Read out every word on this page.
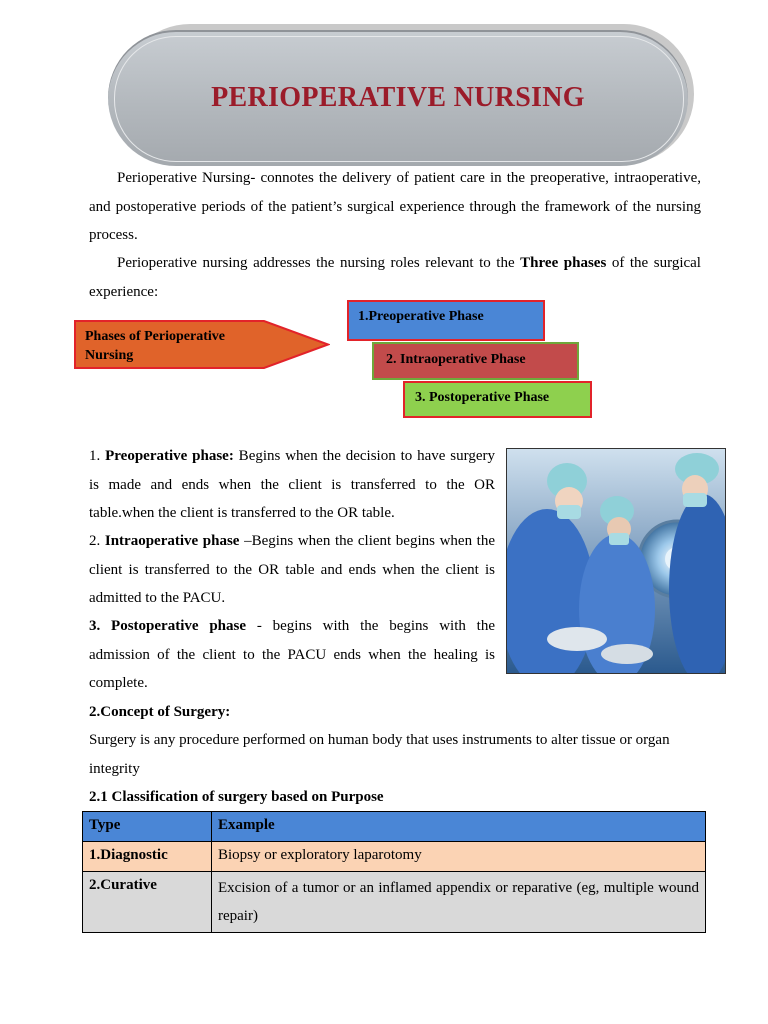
PERIOPERATIVE NURSING

Perioperative Nursing- connotes the delivery of patient care in the preoperative, intraoperative, and postoperative periods of the patient’s surgical experience through the framework of the nursing process.

Perioperative nursing addresses the nursing roles relevant to the Three phases of the surgical experience:

Phases of Perioperative Nursing
1.Preoperative Phase
2. Intraoperative Phase
3. Postoperative Phase

1. Preoperative phase: Begins when the decision to have surgery is made and ends when the client is transferred to the OR table.when the client is transferred to the OR table.

2. Intraoperative phase –Begins when the client begins when the client is transferred to the OR table and ends when the client is admitted to the PACU.

3. Postoperative phase - begins with the begins with the admission of the client to the PACU ends when the healing is complete.

2.Concept of Surgery:

Surgery is any procedure performed on human body that uses instruments to alter tissue or organ integrity

2.1 Classification of surgery based on Purpose

Type	Example
1.Diagnostic	Biopsy or exploratory laparotomy
2.Curative	Excision of a tumor or an inflamed appendix or reparative (eg, multiple wound repair)
